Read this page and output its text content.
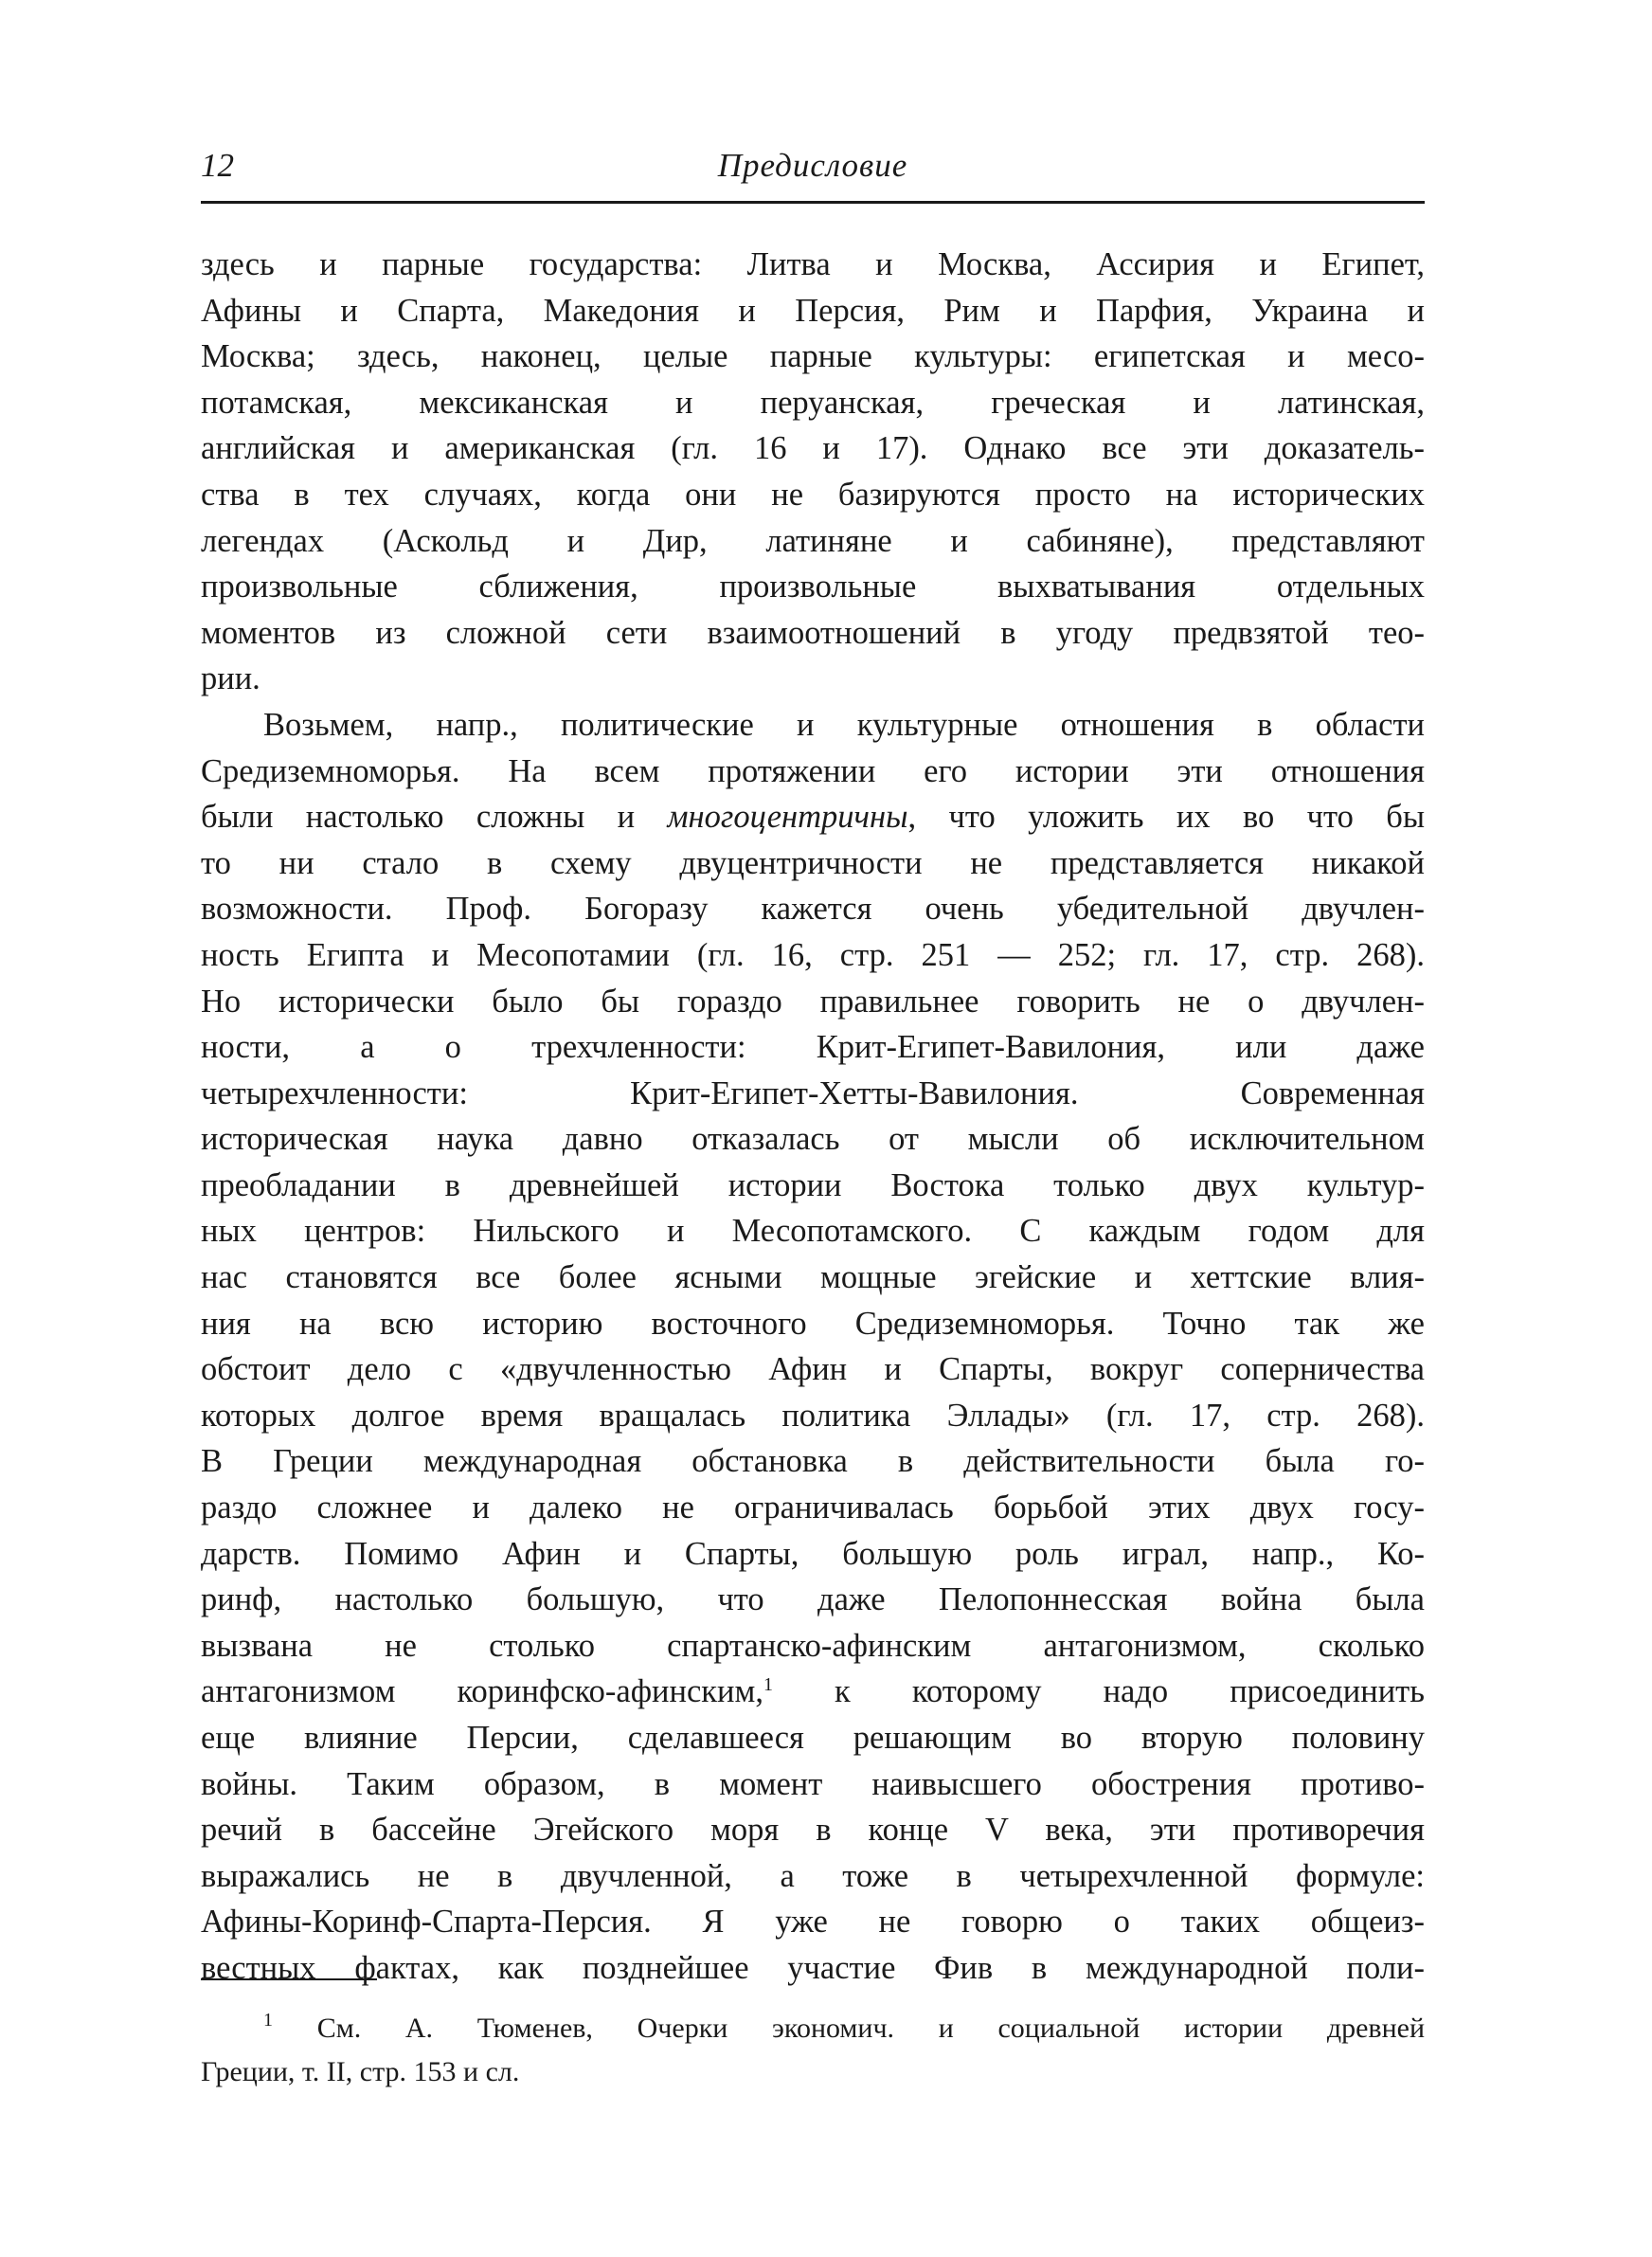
12	Предисловие
здесь и парные государства: Литва и Москва, Ассирия и Египет,
Афины и Спарта, Македония и Персия, Рим и Парфия, Украина и
Москва; здесь, наконец, целые парные культуры: египетская и месо-
потамская, мексиканская и перуанская, греческая и латинская,
английская и американская (гл. 16 и 17). Однако все эти доказатель-
ства в тех случаях, когда они не базируются просто на исторических
легендах (Аскольд и Дир, латиняне и сабиняне), представляют
произвольные сближения, произвольные выхватывания отдельных
моментов из сложной сети взаимоотношений в угоду предвзятой тео-
рии.
Возьмем, напр., политические и культурные отношения в области
Средиземноморья. На всем протяжении его истории эти отношения
были настолько сложны и многоцентричны, что уложить их во что бы
то ни стало в схему двуцентричности не представляется никакой
возможности. Проф. Богоразу кажется очень убедительной двучлен-
ность Египта и Месопотамии (гл. 16, стр. 251 — 252; гл. 17, стр. 268).
Но исторически было бы гораздо правильнее говорить не о двучлен-
ности, а о трехчленности: Крит-Египет-Вавилония, или даже
четырехчленности: Крит-Египет-Хетты-Вавилония. Современная
историческая наука давно отказалась от мысли об исключительном
преобладании в древнейшей истории Востока только двух культур-
ных центров: Нильского и Месопотамского. С каждым годом для
нас становятся все более ясными мощные эгейские и хеттские влия-
ния на всю историю восточного Средиземноморья. Точно так же
обстоит дело с «двучленностью Афин и Спарты, вокруг соперничества
которых долгое время вращалась политика Эллады» (гл. 17, стр. 268).
В Греции международная обстановка в действительности была го-
раздо сложнее и далеко не ограничивалась борьбой этих двух госу-
дарств. Помимо Афин и Спарты, большую роль играл, напр., Ко-
ринф, настолько большую, что даже Пелопоннесская война была
вызвана не столько спартанско-афинским антагонизмом, сколько
антагонизмом коринфско-афинским,$^1$ к которому надо присоединить
еще влияние Персии, сделавшееся решающим во вторую половину
войны. Таким образом, в момент наивысшего обострения противо-
речий в бассейне Эгейского моря в конце V века, эти противоречия
выражались не в двучленной, а тоже в четырехчленной формуле:
Афины-Коринф-Спарта-Персия. Я уже не говорю о таких общеиз-
вестных фактах, как позднейшее участие Фив в международной поли-
$^1$ См. А. Тюменев, Очерки экономич. и социальной истории древней
Греции, т. II, стр. 153 и сл.
